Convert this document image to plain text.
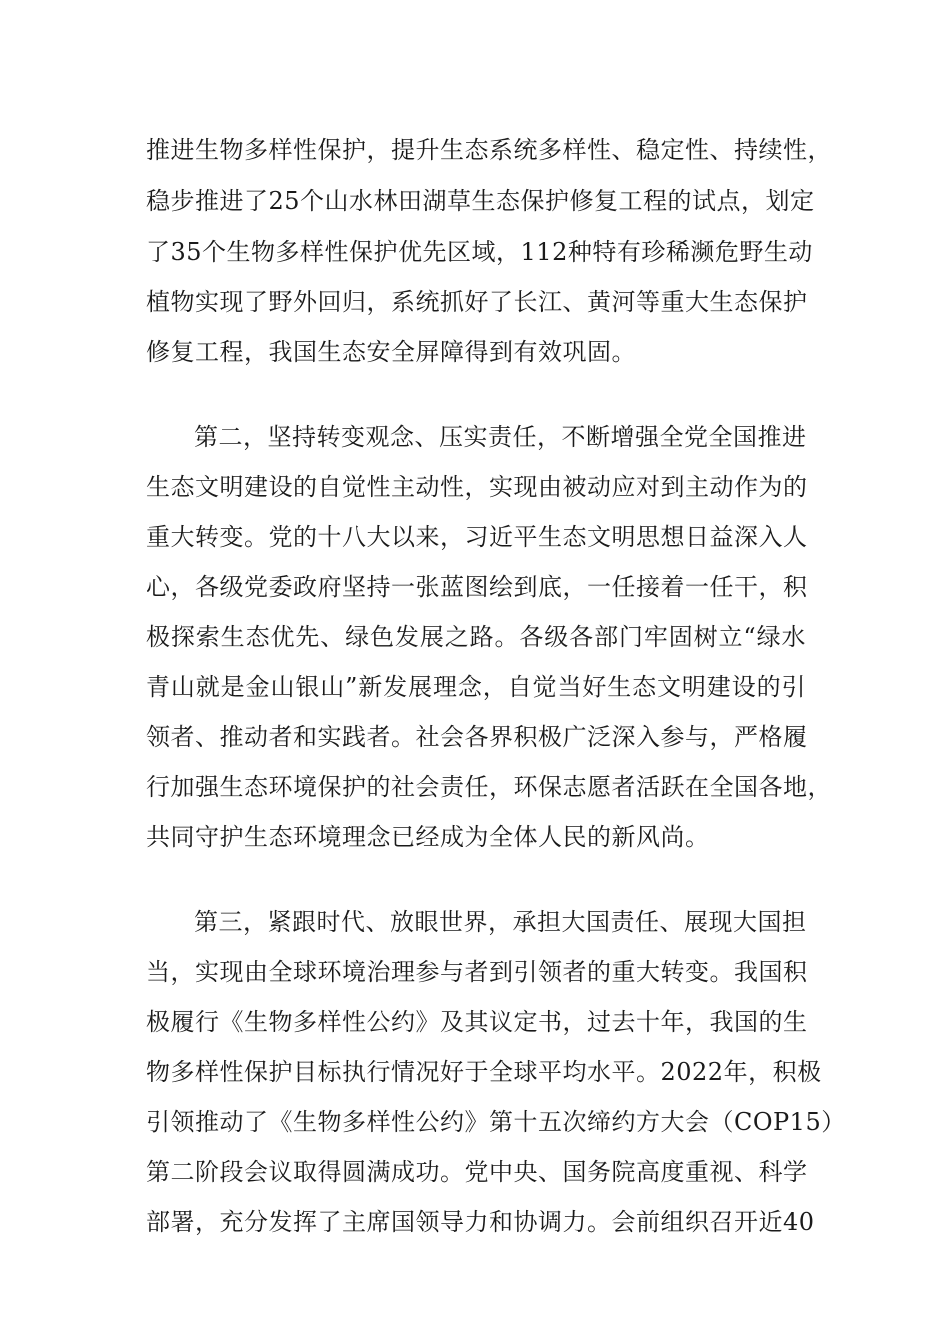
推进生物多样性保护，提升生态系统多样性、稳定性、持续性，
稳步推进了25个山水林田湖草生态保护修复工程的试点，划定
了35个生物多样性保护优先区域，112种特有珍稀濒危野生动
植物实现了野外回归，系统抓好了长江、黄河等重大生态保护
修复工程，我国生态安全屏障得到有效巩固。
第二，坚持转变观念、压实责任，不断增强全党全国推进
生态文明建设的自觉性主动性，实现由被动应对到主动作为的
重大转变。党的十八大以来，习近平生态文明思想日益深入人
心，各级党委政府坚持一张蓝图绘到底，一任接着一任干，积
极探索生态优先、绿色发展之路。各级各部门牢固树立“绿水
青山就是金山银山”新发展理念，自觉当好生态文明建设的引
领者、推动者和实践者。社会各界积极广泛深入参与，严格履
行加强生态环境保护的社会责任，环保志愿者活跃在全国各地，
共同守护生态环境理念已经成为全体人民的新风尚。
第三，紧跟时代、放眼世界，承担大国责任、展现大国担
当，实现由全球环境治理参与者到引领者的重大转变。我国积
极履行《生物多样性公约》及其议定书，过去十年，我国的生
物多样性保护目标执行情况好于全球平均水平。2022年，积极
引领推动了《生物多样性公约》第十五次缔约方大会（COP15）
第二阶段会议取得圆满成功。党中央、国务院高度重视、科学
部署，充分发挥了主席国领导力和协调力。会前组织召开近40
